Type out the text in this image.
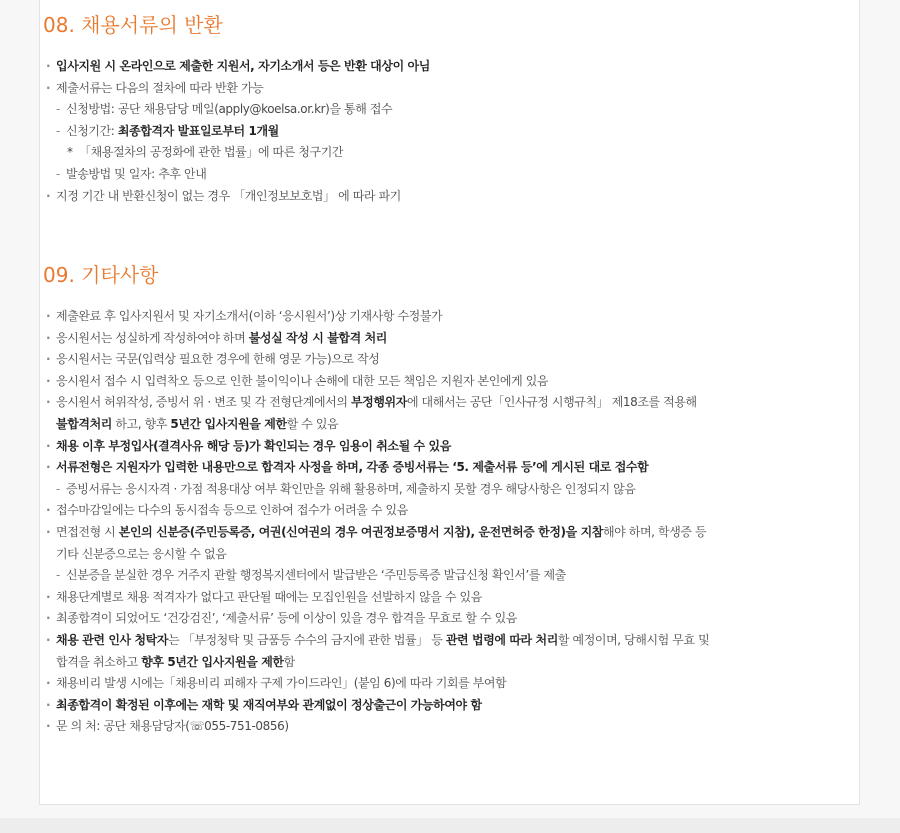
08. 채용서류의 반환
· 입사지원 시 온라인으로 제출한 지원서, 자기소개서 등은 반환 대상이 아님
· 제출서류는 다음의 절차에 따라 반환 가능
- 신청방법: 공단 채용담당 메일(apply@koelsa.or.kr)을 통해 접수
- 신청기간: 최종합격자 발표일로부터 1개월
* 「채용절차의 공정화에 관한 법률」에 따른 청구기간
- 발송방법 및 일자: 추후 안내
· 지정 기간 내 반환신청이 없는 경우 「개인정보보호법」 에 따라 파기
09. 기타사항
· 제출완료 후 입사지원서 및 자기소개서(이하 ‘응시원서’)상 기재사항 수정불가
· 응시원서는 성실하게 작성하여야 하며 불성실 작성 시 불합격 처리
· 응시원서는 국문(입력상 필요한 경우에 한해 영문 가능)으로 작성
· 응시원서 접수 시 입력착오 등으로 인한 불이익이나 손해에 대한 모든 책임은 지원자 본인에게 있음
· 응시원서 허위작성, 증빙서 위 · 변조 및 각 전형단계에서의 부정행위자에 대해서는 공단「인사규정 시행규칙」 제18조를 적용해
불합격처리 하고, 향후 5년간 입사지원을 제한할 수 있음
· 채용 이후 부정입사(결격사유 해당 등)가 확인되는 경우 임용이 취소될 수 있음
· 서류전형은 지원자가 입력한 내용만으로 합격자 사정을 하며, 각종 증빙서류는 ‘5. 제출서류 등’에 게시된 대로 접수함
- 증빙서류는 응시자격 · 가점 적용대상 여부 확인만을 위해 활용하며, 제출하지 못할 경우 해당사항은 인정되지 않음
· 접수마감일에는 다수의 동시접속 등으로 인하여 접수가 어려울 수 있음
· 면접전형 시 본인의 신분증(주민등록증, 여권(신여권의 경우 여권정보증명서 지참), 운전면허증 한정)을 지참해야 하며, 학생증 등
기타 신분증으로는 응시할 수 없음
- 신분증을 분실한 경우 거주지 관할 행정복지센터에서 발급받은 ‘주민등록증 발급신청 확인서’를 제출
· 채용단계별로 채용 적격자가 없다고 판단될 때에는 모집인원을 선발하지 않을 수 있음
· 최종합격이 되었어도 ‘건강검진’, ‘제출서류’ 등에 이상이 있을 경우 합격을 무효로 할 수 있음
· 채용 관련 인사 청탁자는 「부정청탁 및 금품등 수수의 금지에 관한 법률」 등 관련 법령에 따라 처리할 예정이며, 당해시험 무효 및
합격을 취소하고 향후 5년간 입사지원을 제한함
· 채용비리 발생 시에는「채용비리 피해자 구제 가이드라인」(붙임 6)에 따라 기회를 부여함
· 최종합격이 확정된 이후에는 재학 및 재직여부와 관계없이 정상출근이 가능하여야 함
· 문 의 처: 공단 채용담당자(☏055-751-0856)
